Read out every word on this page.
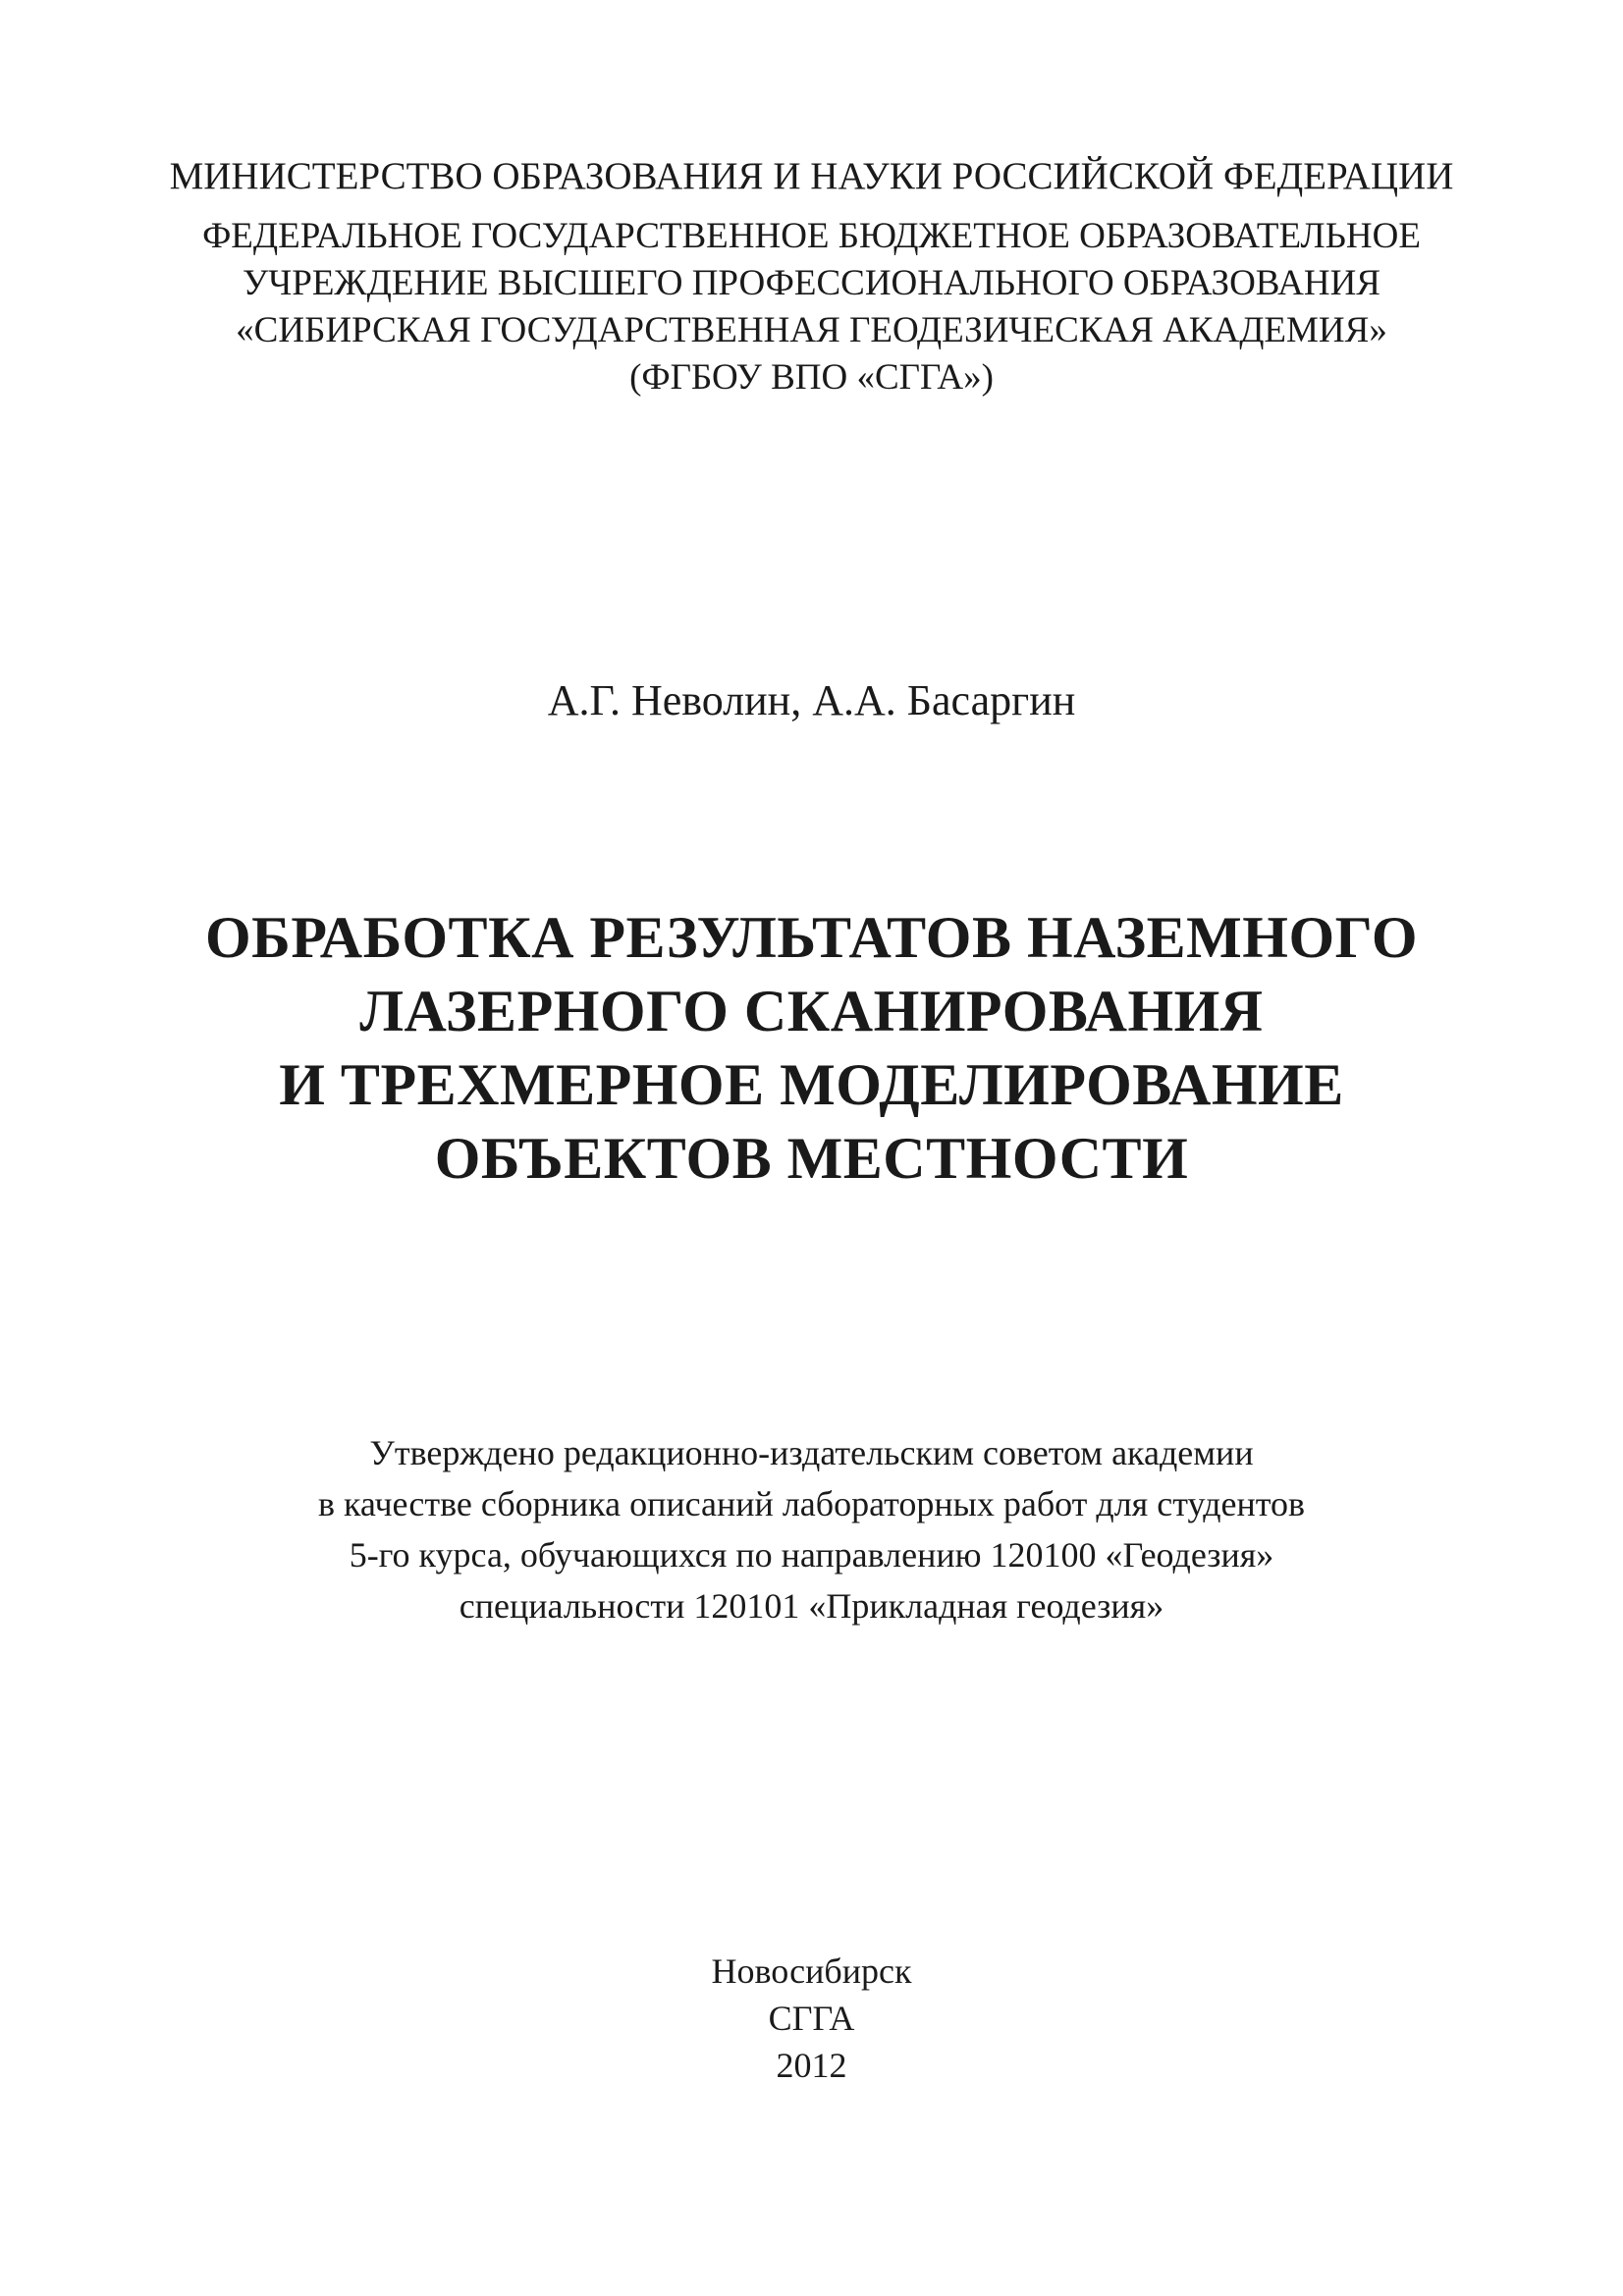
МИНИСТЕРСТВО ОБРАЗОВАНИЯ И НАУКИ РОССИЙСКОЙ ФЕДЕРАЦИИ
ФЕДЕРАЛЬНОЕ ГОСУДАРСТВЕННОЕ БЮДЖЕТНОЕ ОБРАЗОВАТЕЛЬНОЕ
УЧРЕЖДЕНИЕ ВЫСШЕГО ПРОФЕССИОНАЛЬНОГО ОБРАЗОВАНИЯ
«СИБИРСКАЯ ГОСУДАРСТВЕННАЯ ГЕОДЕЗИЧЕСКАЯ АКАДЕМИЯ»
(ФГБОУ ВПО «СГГА»)
А.Г. Неволин, А.А. Басаргин
ОБРАБОТКА РЕЗУЛЬТАТОВ НАЗЕМНОГО
ЛАЗЕРНОГО СКАНИРОВАНИЯ
И ТРЕХМЕРНОЕ МОДЕЛИРОВАНИЕ
ОБЪЕКТОВ МЕСТНОСТИ
Утверждено редакционно-издательским советом академии
в качестве сборника описаний лабораторных работ для студентов
5-го курса, обучающихся по направлению 120100 «Геодезия»
специальности 120101 «Прикладная геодезия»
Новосибирск
СГГА
2012
